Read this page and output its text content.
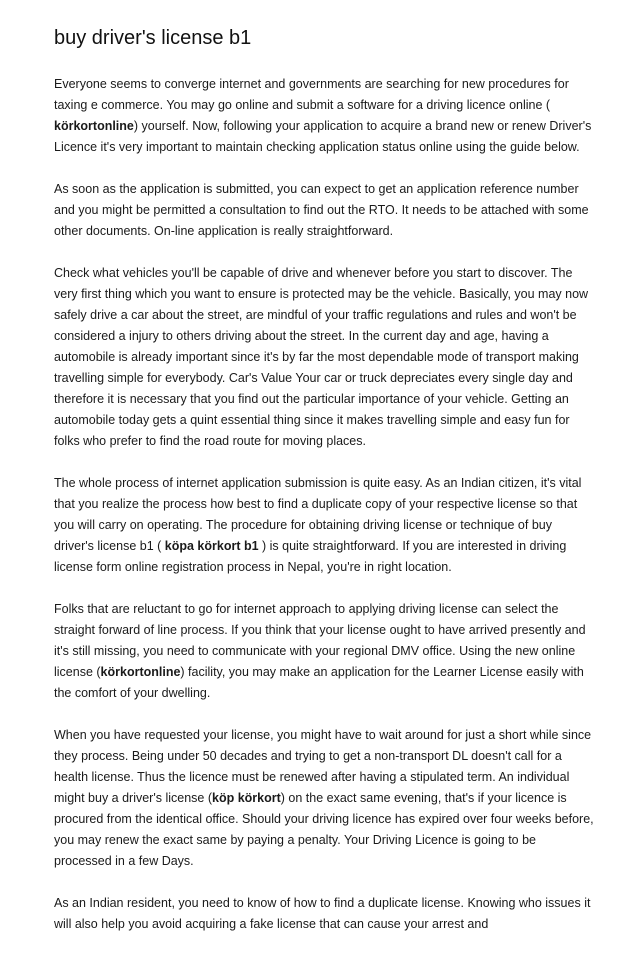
buy driver's license b1

Everyone seems to converge internet and governments are searching for new procedures for taxing e commerce. You may go online and submit a software for a driving licence online ( körkortonline) yourself. Now, following your application to acquire a brand new or renew Driver's Licence it's very important to maintain checking application status online using the guide below.

As soon as the application is submitted, you can expect to get an application reference number and you might be permitted a consultation to find out the RTO. It needs to be attached with some other documents. On-line application is really straightforward.

Check what vehicles you'll be capable of drive and whenever before you start to discover. The very first thing which you want to ensure is protected may be the vehicle. Basically, you may now safely drive a car about the street, are mindful of your traffic regulations and rules and won't be considered a injury to others driving about the street. In the current day and age, having a automobile is already important since it's by far the most dependable mode of transport making travelling simple for everybody. Car's Value Your car or truck depreciates every single day and therefore it is necessary that you find out the particular importance of your vehicle. Getting an automobile today gets a quint essential thing since it makes travelling simple and easy fun for folks who prefer to find the road route for moving places.

The whole process of internet application submission is quite easy. As an Indian citizen, it's vital that you realize the process how best to find a duplicate copy of your respective license so that you will carry on operating. The procedure for obtaining driving license or technique of buy driver's license b1 ( köpa körkort b1 ) is quite straightforward. If you are interested in driving license form online registration process in Nepal, you're in right location.

Folks that are reluctant to go for internet approach to applying driving license can select the straight forward of line process. If you think that your license ought to have arrived presently and it's still missing, you need to communicate with your regional DMV office. Using the new online license (körkortonline) facility, you may make an application for the Learner License easily with the comfort of your dwelling.

When you have requested your license, you might have to wait around for just a short while since they process. Being under 50 decades and trying to get a non-transport DL doesn't call for a health license. Thus the licence must be renewed after having a stipulated term. An individual might buy a driver's license (köp körkort) on the exact same evening, that's if your licence is procured from the identical office. Should your driving licence has expired over four weeks before, you may renew the exact same by paying a penalty. Your Driving Licence is going to be processed in a few Days.

As an Indian resident, you need to know of how to find a duplicate license. Knowing who issues it will also help you avoid acquiring a fake license that can cause your arrest and
